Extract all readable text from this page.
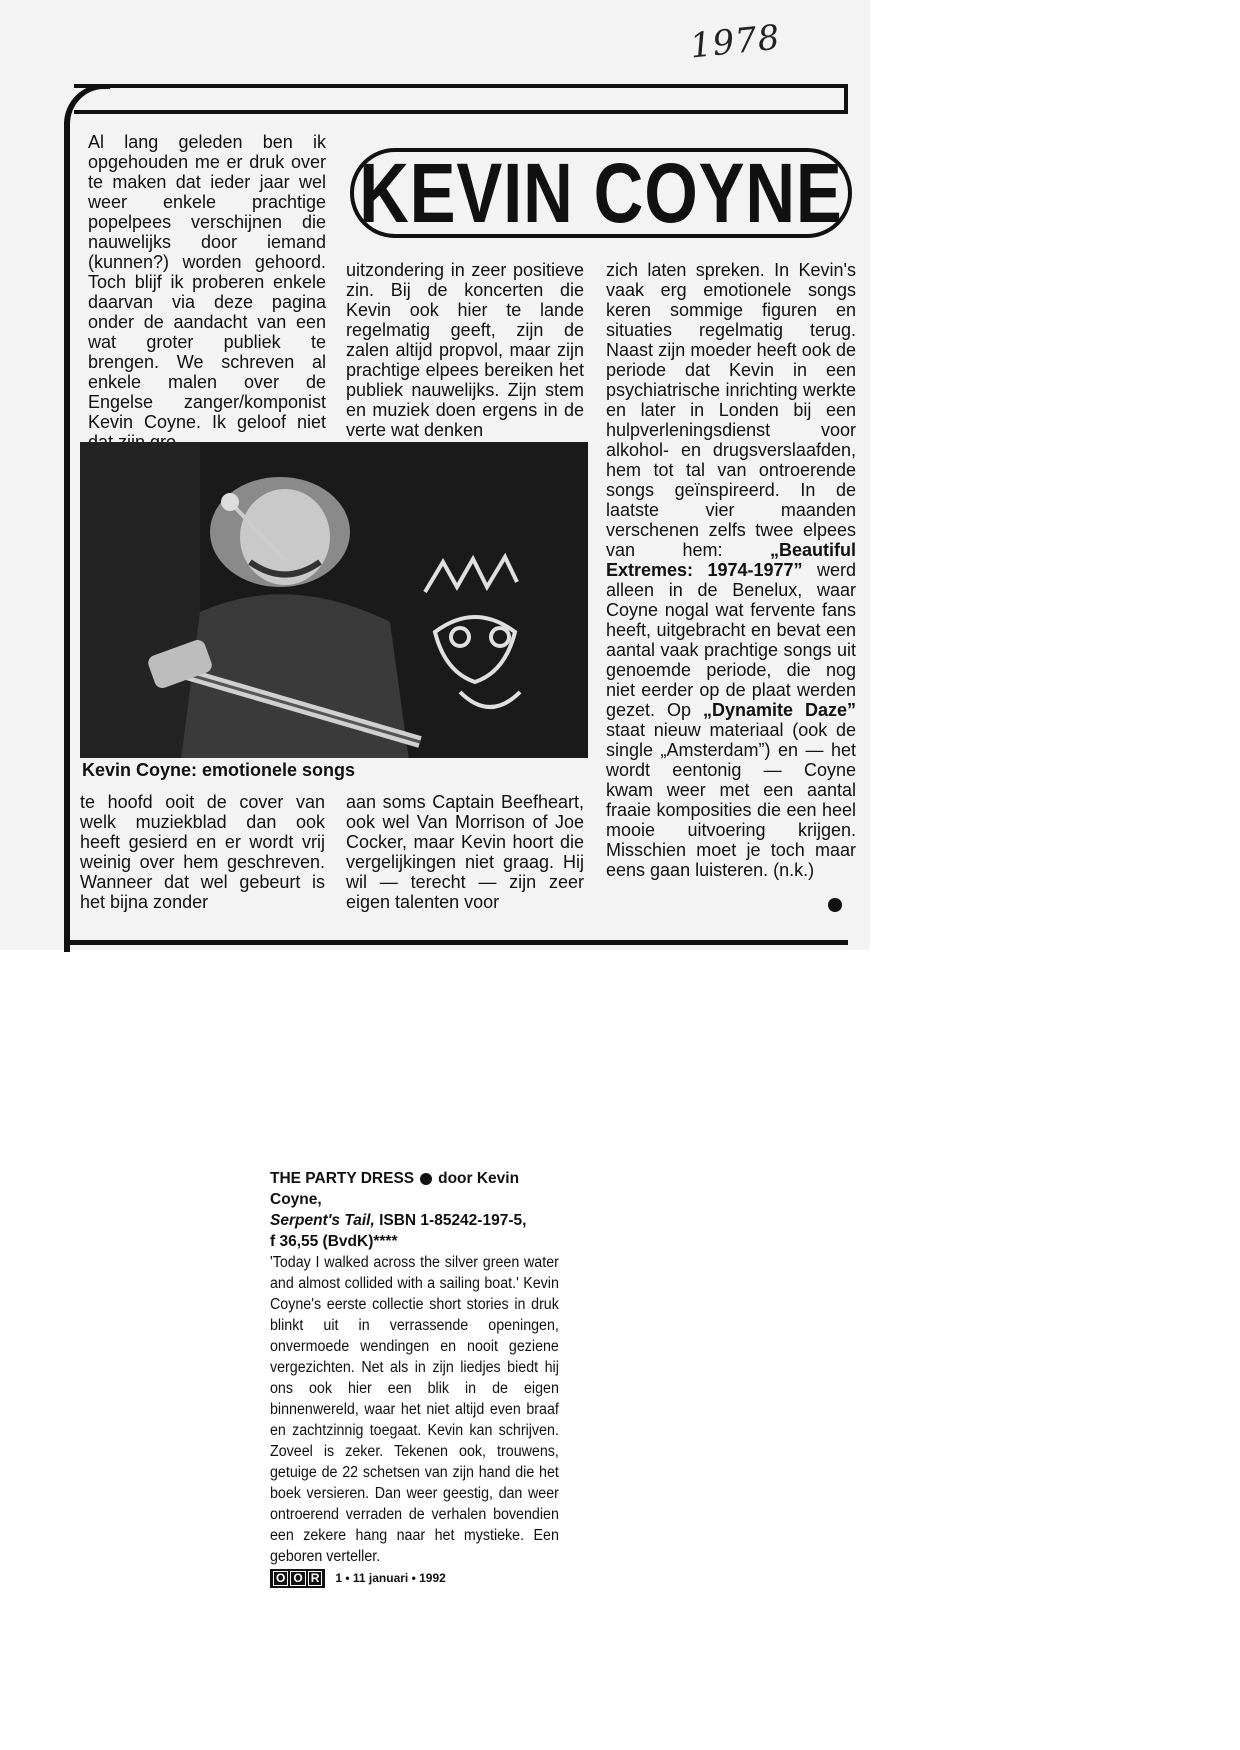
1978
KEVIN COYNE

Al lang geleden ben ik opgehouden me er druk over te maken dat ieder jaar wel weer enkele prachtige popelpees verschijnen die nauwelijks door iemand (kunnen?) worden gehoord. Toch blijf ik proberen enkele daarvan via deze pagina onder de aandacht van een wat groter publiek te brengen. We schreven al enkele malen over de Engelse zanger/komponist Kevin Coyne. Ik geloof niet

uitzondering in zeer positieve zin. Bij de koncerten die Kevin ook hier te lande regelmatig geeft, zijn de zalen altijd propvol, maar zijn prachtige elpees bereiken het publiek nauwelijks. Zijn stem en muziek doen ergens in de verte wat denken

zich laten spreken. In Kevin's vaak erg emotionele songs keren sommige figuren en situaties regelmatig terug. Naast zijn moeder heeft ook de periode dat Kevin in een psychiatrische inrichting werkte en later in Londen bij een hulpverleningsdienst voor alkohol- en drugsverslaafden, hem tot tal van ontroerende songs geïnspireerd. In de laatste vier maanden verschenen zelfs twee elpees van hem: „Beautiful Extremes: 1974-1977” werd alleen in de Benelux, waar Coyne nogal wat fervente fans heeft, uitgebracht en bevat een aantal vaak prachtige songs uit genoemde periode, die nog niet eerder op de plaat werden gezet. Op „Dynamite Daze” staat nieuw materiaal (ook de single „Amsterdam”) en — het wordt eentonig — Coyne kwam weer met een aantal fraaie komposities die een heel mooie uitvoering krijgen. Misschien moet je toch maar eens gaan luisteren. (n.k.)

Kevin Coyne: emotionele songs

te hoofd ooit de cover van welk muziekblad dan ook heeft gesierd en er wordt vrij weinig over hem geschreven. Wanneer dat wel gebeurt is het bijna zonder

aan soms Captain Beefheart, ook wel Van Morrison of Joe Cocker, maar Kevin hoort die vergelijkingen niet graag. Hij wil — terecht — zijn zeer eigen talenten voor

THE PARTY DRESS door Kevin Coyne,
Serpent's Tail, ISBN 1-85242-197-5,
f 36,55 (BvdK)****

'Today I walked across the silver green water and almost collided with a sailing boat.' Kevin Coyne's eerste collectie short stories in druk blinkt uit in verrassende openingen, onvermoede wendingen en nooit geziene vergezichten. Net als in zijn liedjes biedt hij ons ook hier een blik in de eigen binnenwereld, waar het niet altijd even braaf en zachtzinnig toegaat. Kevin kan schrijven. Zoveel is zeker. Tekenen ook, trouwens, getuige de 22 schetsen van zijn hand die het boek versieren. Dan weer geestig, dan weer ontroerend verraden de verhalen bovendien een zekere hang naar het mystieke. Een geboren verteller.

O O R 1 • 11 januari • 1992
